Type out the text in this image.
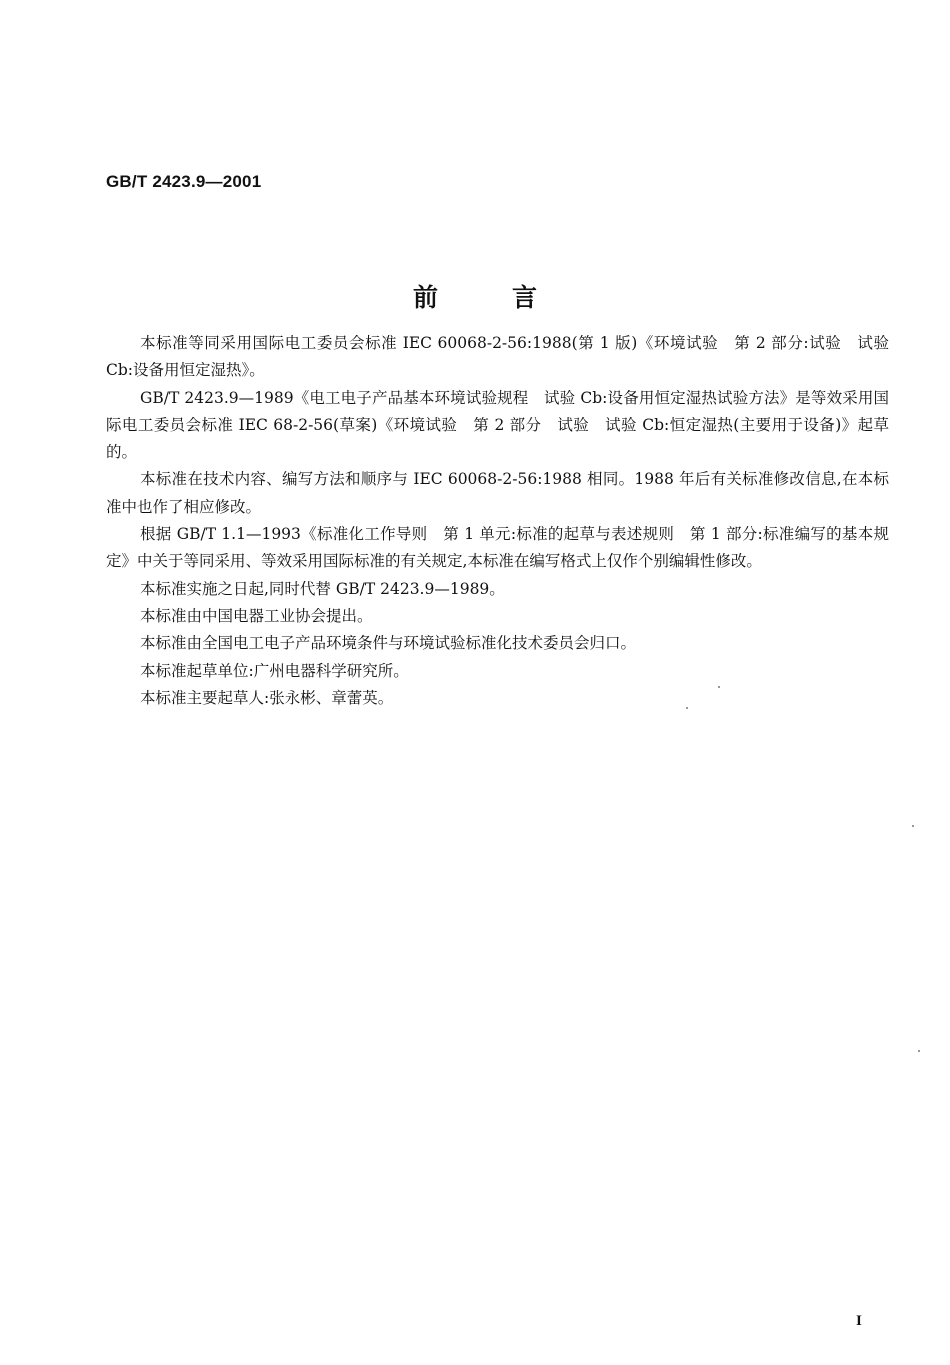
GB/T 2423.9—2001
前言

本标准等同采用国际电工委员会标准 IEC 60068-2-56:1988(第 1 版)《环境试验　第 2 部分:试验　试验 Cb:设备用恒定湿热》。

GB/T 2423.9—1989《电工电子产品基本环境试验规程　试验 Cb:设备用恒定湿热试验方法》是等效采用国际电工委员会标准 IEC 68-2-56(草案)《环境试验　第 2 部分　试验　试验 Cb:恒定湿热(主要用于设备)》起草的。

本标准在技术内容、编写方法和顺序与 IEC 60068-2-56:1988 相同。1988 年后有关标准修改信息,在本标准中也作了相应修改。

根据 GB/T 1.1—1993《标准化工作导则　第 1 单元:标准的起草与表述规则　第 1 部分:标准编写的基本规定》中关于等同采用、等效采用国际标准的有关规定,本标准在编写格式上仅作个别编辑性修改。

本标准实施之日起,同时代替 GB/T 2423.9—1989。

本标准由中国电器工业协会提出。

本标准由全国电工电子产品环境条件与环境试验标准化技术委员会归口。

本标准起草单位:广州电器科学研究所。

本标准主要起草人:张永彬、章蕾英。

I
